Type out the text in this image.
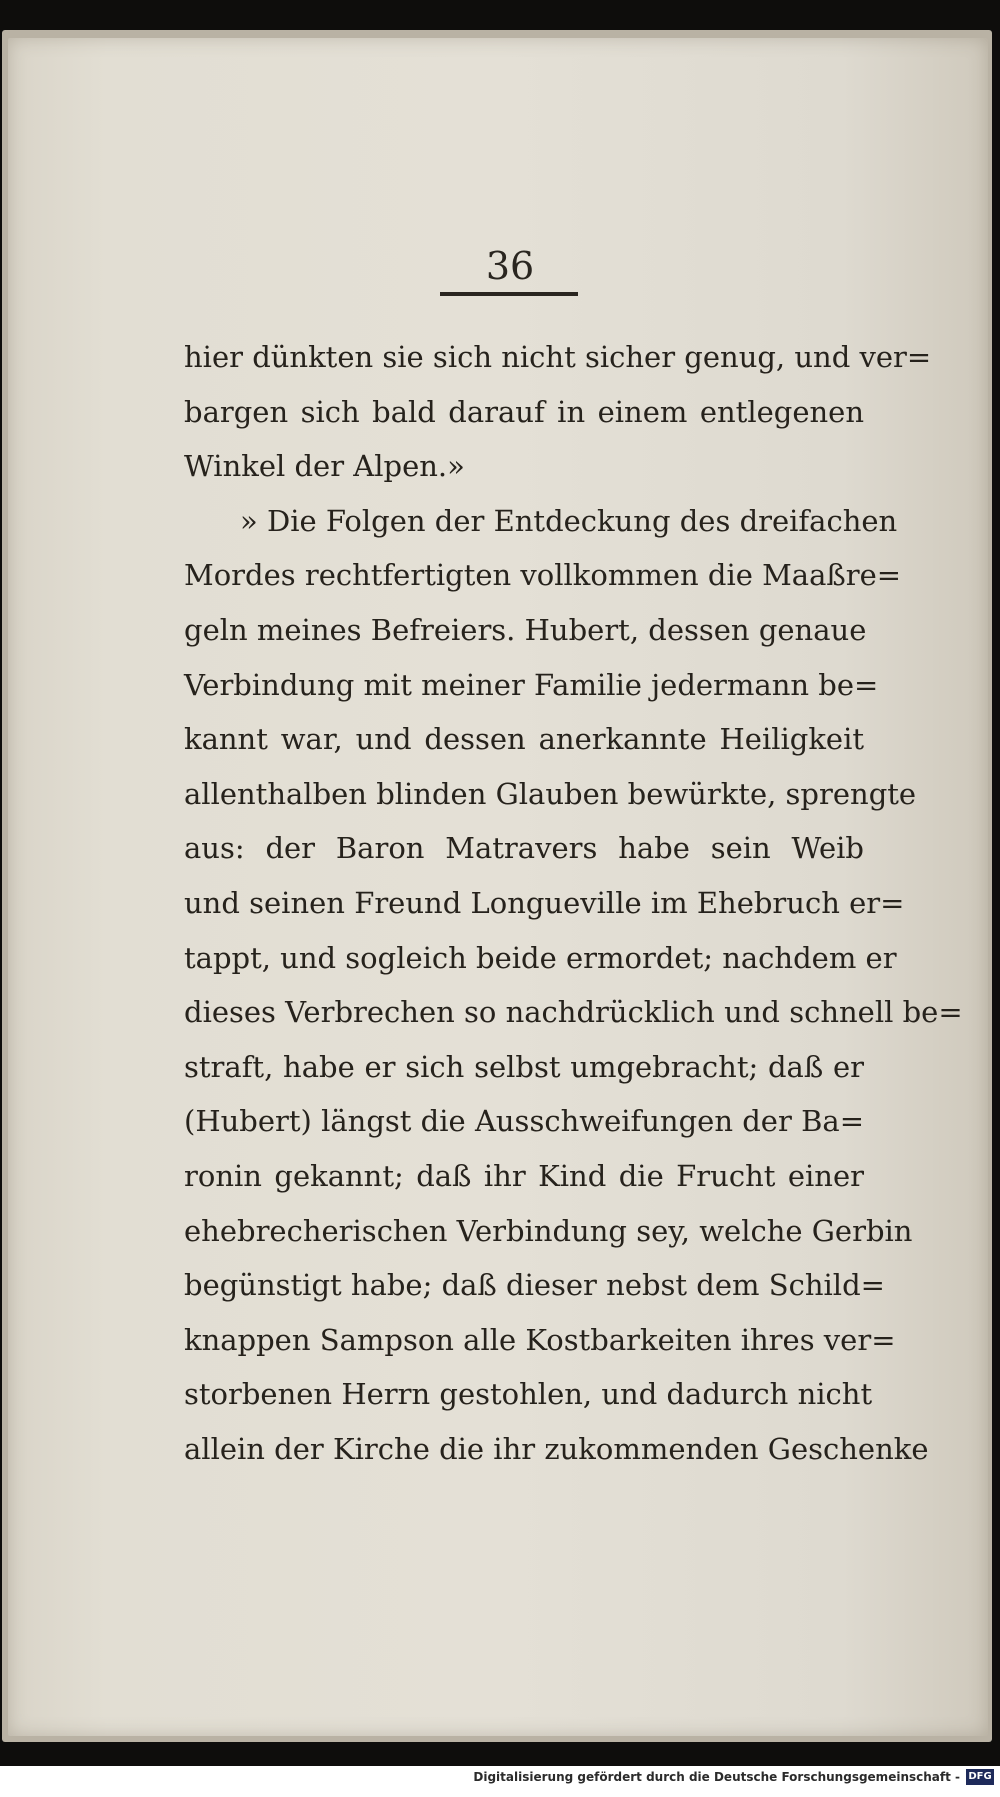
36
hier dünkten sie sich nicht sicher genug, und ver=
bargen sich bald darauf in einem entlegenen
Winkel der Alpen.»
» Die Folgen der Entdeckung des dreifachen
Mordes rechtfertigten vollkommen die Maaßre=
geln meines Befreiers. Hubert, dessen genaue
Verbindung mit meiner Familie jedermann be=
kannt war, und dessen anerkannte Heiligkeit
allenthalben blinden Glauben bewürkte, sprengte
aus: der Baron Matravers habe sein Weib
und seinen Freund Longueville im Ehebruch er=
tappt, und sogleich beide ermordet; nachdem er
dieses Verbrechen so nachdrücklich und schnell be=
straft, habe er sich selbst umgebracht; daß er
(Hubert) längst die Ausschweifungen der Ba=
ronin gekannt; daß ihr Kind die Frucht einer
ehebrecherischen Verbindung sey, welche Gerbin
begünstigt habe; daß dieser nebst dem Schild=
knappen Sampson alle Kostbarkeiten ihres ver=
storbenen Herrn gestohlen, und dadurch nicht
allein der Kirche die ihr zukommenden Geschenke
Digitalisierung gefördert durch die Deutsche Forschungsgemeinschaft - DFG
